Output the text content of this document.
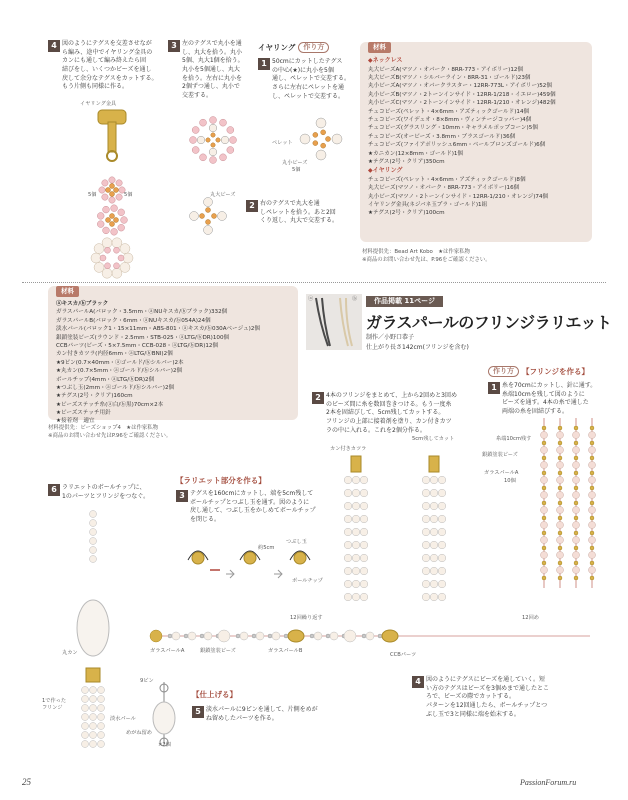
4 図のようにテグスを交差させなが
ら編み、途中でイヤリング金具の
カンにも通して編み終えたら固
結びをし、いくつかビーズを通し
戻して余分なテグスをカットする。
もう片側も同様に作る。
イヤリング金具
5個	5個
3 左のテグスで丸小を通
し、丸大を拾う。丸小
5個、丸大1個を拾う。
丸小を5個通し、丸大
を拾う。左右に丸小を
2個ずつ通し、丸小で
交差する。
丸大ビーズ
イヤリング	作り方
1 50cmにカットしたテグス
の中心(★)に丸小を5個
通し、ペレットで交差する。
さらに左右にペレットを通
し、ペレットで交差する。
ペレット
丸小ビーズ
5個
2 右のテグスで丸大を通
しペレットを拾う。あと2回
くり返し、丸大で交差する。
材料
◆ネックレス
丸大ビーズA(マツノ・オパーク・8RR-773・アイボリー)12個
丸大ビーズB(マツノ・シルバーライン・8RR-31・ゴールド)23個
丸小ビーズA(マツノ・オパークラスター・12RR-773L・アイボリー)52個
丸小ビーズB(マツノ・2トーンインサイド・12RR-1/218・イエロー)459個
丸小ビーズC(マツノ・2トーンインサイド・12RR-1/210・オレンジ)482個
チェコビーズ(ペレット・4×6mm・アズティックゴールド)14個
チェコビーズ(ワイデュオ・8×8mm・ヴィンテージコッパー)4個
チェコビーズ(グラスリング・10mm・キャラメルポップコーン)5個
チェコビーズ(オービーズ・3.8mm・ブラスゴールド)36個
チェコビーズ(ファイアポリッシュ6mm・ベールブロンズゴールド)6個
★カニカン(12×8mm・ゴールド)1個
★テグス(2号・クリア)350cm
◆イヤリング
チェコビーズ(ペレット・4×6mm・アズティックゴールド)8個
丸大ビーズ(マツノ・オパーク・8RR-773・アイボリー)16個
丸小ビーズ(マツノ・2トーンインサイド・12RR-1/210・オレンジ)74個
イヤリング金具(ネジバネ玉プラ・ゴールド)1組
★テグス(2号・クリア)100cm
材料提供先：Bead Art Kobo　★は作家私物
※商品のお問い合わせ先は、P.96をご確認ください。
材料
ⓐキスカ/ⓑブラック
ガラスパールA(バロック・3.5mm・ⓐNUキスカ/ⓑブラック)332個
ガラスパールB(バロック・6mm・ⓐNUキスカ/ⓑ054A)24個
淡水パール(バロック1・15×11mm・ABS-801・ⓐキスカ/ⓑ030Aベージュ)2個
銀鎖塗装ビーズ(ラウンド・2.5mm・STB-025・ⓐLTG/ⓑDR)100個
CCBパーツ(ビーズ・5×7.5mm・CCB-028・ⓐLTG/ⓑDR)12個
カン付きカツラ(内径6mm・ⓐLTG/ⓑBNI)2個
★9ピン(0.7×40mm・ⓐゴールド/ⓑシルバー)2本
★丸カン(0.7×5mm・ⓐゴールド/ⓑシルバー)2個
ボールチップ(4mm・ⓐLTG/ⓑDR)2個
★つぶし玉(2mm・ⓐゴールド/ⓑシルバー)2個
★テグス(2号・クリア)160cm
★ビーズステッチ糸(ⓐ白/ⓑ黒)70cm×2本
★ビーズステッチ用針
★接着剤　適宜
材料提供先：ビーズショップ4　★は作家私物
※商品のお問い合わせ先はP.96をご確認ください。
ⓐ	ⓑ	作品掲載 11ページ
ガラスパールのフリンジラリエット
制作／小野口恭子
仕上がり長さ142cm(フリンジを含む)
作り方	【フリンジを作る】
1 糸を70cmにカットし、針に通す。
糸端10cmを残して図のように
ビーズを通す。4本の糸で通した
両端の糸を固結びする。
2 4本のフリンジをまとめて、上から2回めと3回め
のビーズ間に糸を数回巻きつける。もう一度糸
2本を固結びして、5cm残してカットする。
フリンジの上部に接着剤を塗り、カン付きカツ
ラの中に入れる。これを2個分作る。
糸端10cm残す
銀鎖塗装ビーズ
ガラスパールA
10個
カン付きカツラ
5cm残してカット
6 ラリエットのボールチップに、
1のパーツとフリンジをつなぐ。
丸カン
1で作った
フリンジ
【ラリエット部分を作る】
3 テグスを160cmにカットし、端を5cm残して
ボールチップとつぶし玉を通す。図のように
戻し通して、つぶし玉をかしめてボールチップ
を閉じる。
約5cm
つぶし玉
ボールチップ
12回繰り返す	12回め
ガラスパールA	銀鎖塗装ビーズ	ガラスパールB
CCBパーツ
4 図のようにテグスにビーズを通していく。短
い方のテグスはビーズを3個めまで通したとこ
ろで、ビーズの際でカットする。
パターンを12回通したら、ボールチップとつ
ぶし玉で3と同様に端を始末する。
【仕上げる】
5 淡水パールに9ピンを通して、片側をめが
ね留めしたパーツを作る。
9ピン
淡水パール
めがね留め
×2個
25	PassionForum.ru
